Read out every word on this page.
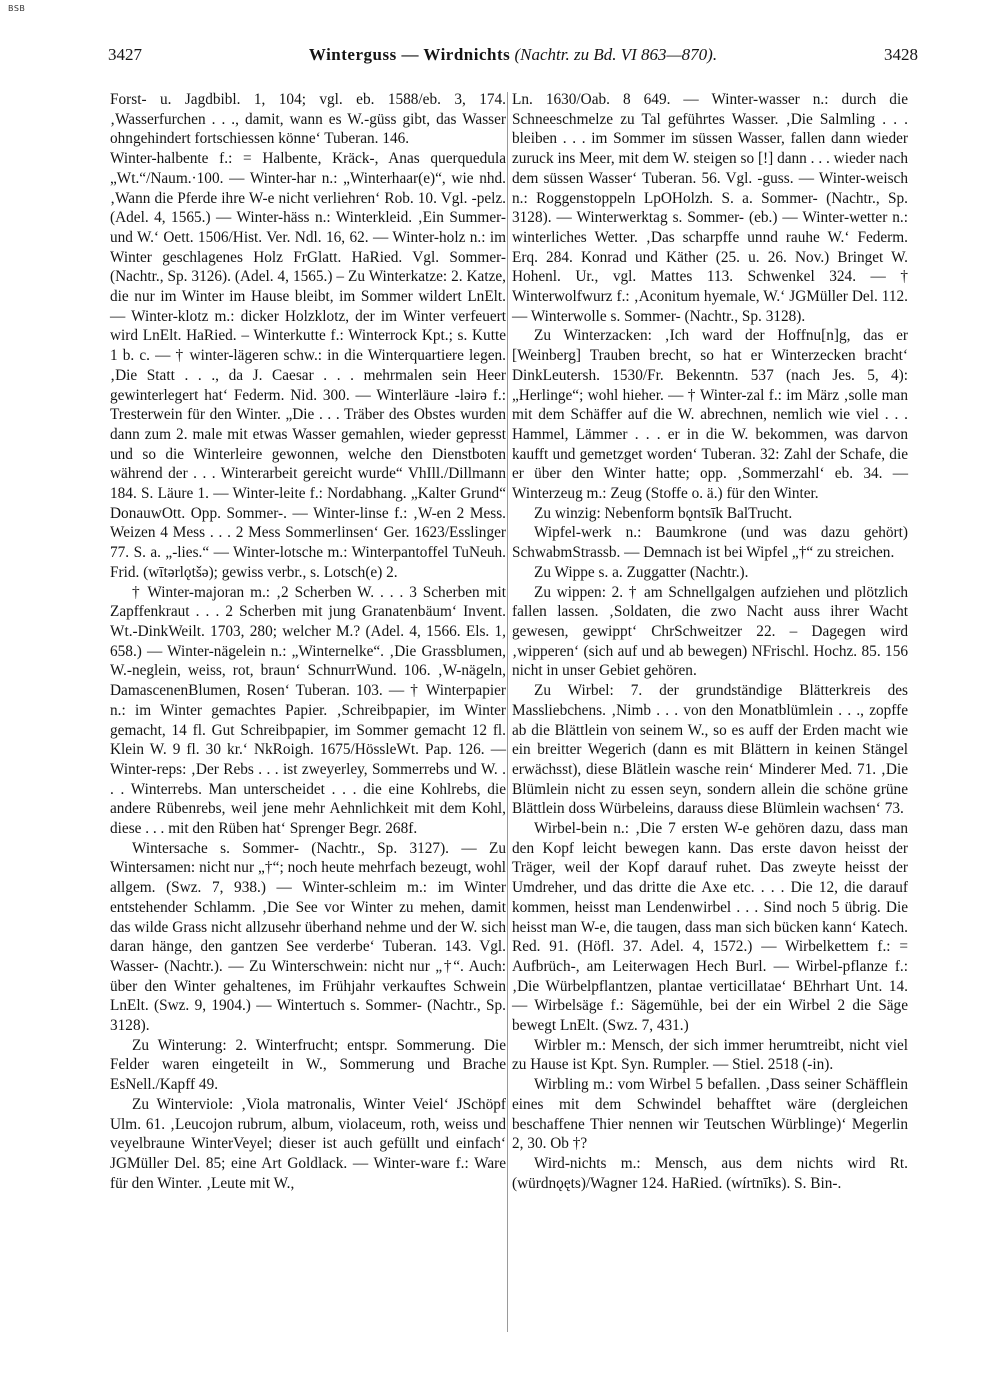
BSB
3427	Winterguss — Wirdnichts (Nachtr. zu Bd. VI 863—870).	3428

Forst- u. Jagdbibl. 1, 104; vgl. eb. 1588/eb. 3, 174. ‚Wasserfurchen . . ., damit, wann es W.-güss gibt, das Wasser ohngehindert fortschiessen könne‘ Tuberan. 146.

Winter-halbente f.: = Halbente, Kräck-, Anas querquedula „Wt.“/Naum.·100. — Winter-har n.: „Winterhaar(e)“, wie nhd. ‚Wann die Pferde ihre W-e nicht verliehren‘ Rob. 10. Vgl. -pelz. (Adel. 4, 1565.) — Winter-häss n.: Winterkleid. ‚Ein Summer- und W.‘ Oett. 1506/Hist. Ver. Ndl. 16, 62. — Winter-holz n.: im Winter geschlagenes Holz FrGlatt. HaRied. Vgl. Sommer-(Nachtr., Sp. 3126). (Adel. 4, 1565.) – Zu Winterkatze: 2. Katze, die nur im Winter im Hause bleibt, im Sommer wildert LnElt. — Winter-klotz m.: dicker Holzklotz, der im Winter verfeuert wird LnElt. HaRied. – Winterkutte f.: Winterrock Kpt.; s. Kutte 1 b. c. — † winter-lägeren schw.: in die Winterquartiere legen. ‚Die Statt . . ., da J. Caesar . . . mehrmalen sein Heer gewinterlegert hat‘ Federm. Nid. 300. — Winterläure -lǝirǝ f.: Tresterwein für den Winter. „Die . . . Träber des Obstes wurden dann zum 2. male mit etwas Wasser gemahlen, wieder gepresst und so die Winterleire gewonnen, welche den Dienstboten während der . . . Winterarbeit gereicht wurde“ VhIll./Dillmann 184. S. Läure 1. — Winter-leite f.: Nordabhang. „Kalter Grund“ DonauwOtt. Opp. Sommer-. — Winter-linse f.: ‚W-en 2 Mess. Weizen 4 Mess . . . 2 Mess Sommerlinsen‘ Ger. 1623/Esslinger 77. S. a. „-lies.“ — Winter-lotsche m.: Winterpantoffel TuNeuh. Frid. (wītǝrlǫtšǝ); gewiss verbr., s. Lotsch(e) 2.

† Winter-majoran m.: ‚2 Scherben W. . . . 3 Scherben mit Zapffenkraut . . . 2 Scherben mit jung Granatenbäum‘ Invent. Wt.-DinkWeilt. 1703, 280; welcher M.? (Adel. 4, 1566. Els. 1, 658.) — Winter-nägelein n.: „Winternelke“. ‚Die Grassblumen, W.-neglein, weiss, rot, braun‘ SchnurrWund. 106. ‚W-nägeln, DamascenenBlumen, Rosen‘ Tuberan. 103. — † Winterpapier n.: im Winter gemachtes Papier. ‚Schreibpapier, im Winter gemacht, 14 fl. Gut Schreibpapier, im Sommer gemacht 12 fl. Klein W. 9 fl. 30 kr.‘ NkRoigh. 1675/HössleWt. Pap. 126. — Winter-reps: ‚Der Rebs . . . ist zweyerley, Sommerrebs und W. . . . Winterrebs. Man unterscheidet . . . die eine Kohlrebs, die andere Rübenrebs, weil jene mehr Aehnlichkeit mit dem Kohl, diese . . . mit den Rüben hat‘ Sprenger Begr. 268f.

Wintersache s. Sommer- (Nachtr., Sp. 3127). — Zu Wintersamen: nicht nur „†“; noch heute mehrfach bezeugt, wohl allgem. (Swz. 7, 938.) — Winter-schleim m.: im Winter entstehender Schlamm. ‚Die See vor Winter zu mehen, damit das wilde Grass nicht allzusehr überhand nehme und der W. sich daran hänge, den gantzen See verderbe‘ Tuberan. 143. Vgl. Wasser- (Nachtr.). — Zu Winterschwein: nicht nur „†“. Auch: über den Winter gehaltenes, im Frühjahr verkauftes Schwein LnElt. (Swz. 9, 1904.) — Wintertuch s. Sommer- (Nachtr., Sp. 3128).

Zu Winterung: 2. Winterfrucht; entspr. Sommerung. Die Felder waren eingeteilt in W., Sommerung und Brache EsNell./Kapff 49.

Zu Winterviole: ‚Viola matronalis, Winter Veiel‘ JSchöpf Ulm. 61. ‚Leucojon rubrum, album, violaceum, roth, weiss und veyelbraune WinterVeyel; dieser ist auch gefüllt und einfach‘ JGMüller Del. 85; eine Art Goldlack. — Winter-ware f.: Ware für den Winter. ‚Leute mit W.,

Ln. 1630/Oab. 8 649. — Winter-wasser n.: durch die Schneeschmelze zu Tal geführtes Wasser. ‚Die Salmling . . . bleiben . . . im Sommer im süssen Wasser, fallen dann wieder zuruck ins Meer, mit dem W. steigen so [!] dann . . . wieder nach dem süssen Wasser‘ Tuberan. 56. Vgl. -guss. — Winter-weisch n.: Roggenstoppeln LpOHolzh. S. a. Sommer- (Nachtr., Sp. 3128). — Winterwerktag s. Sommer- (eb.) — Winter-wetter n.: winterliches Wetter. ‚Das scharpffe unnd rauhe W.‘ Federm. Erq. 284. Konrad und Käther (25. u. 26. Nov.) Bringet W. Hohenl. Ur., vgl. Mattes 113. Schwenkel 324. — † Winterwolfwurz f.: ‚Aconitum hyemale, W.‘ JGMüller Del. 112. — Winterwolle s. Sommer- (Nachtr., Sp. 3128).

Zu Winterzacken: ‚Ich ward der Hoffnu[n]g, das er [Weinberg] Trauben brecht, so hat er Winterzecken bracht‘ DinkLeutersh. 1530/Fr. Bekenntn. 537 (nach Jes. 5, 4): „Herlinge“; wohl hieher. — † Winter-zal f.: im März ‚solle man mit dem Schäffer auf die W. abrechnen, nemlich wie viel . . . Hammel, Lämmer . . . er in die W. bekommen, was darvon kaufft und gemetzget worden‘ Tuberan. 32: Zahl der Schafe, die er über den Winter hatte; opp. ‚Sommerzahl‘ eb. 34. — Winterzeug m.: Zeug (Stoffe o. ä.) für den Winter.

Zu winzig: Nebenform bǫntsīk BalTrucht.

Wipfel-werk n.: Baumkrone (und was dazu gehört) SchwabmStrassb. — Demnach ist bei Wipfel „†“ zu streichen.

Zu Wippe s. a. Zuggatter (Nachtr.).

Zu wippen: 2. † am Schnellgalgen aufziehen und plötzlich fallen lassen. ‚Soldaten, die zwo Nacht auss ihrer Wacht gewesen, gewippt‘ ChrSchweitzer 22. – Dagegen wird ‚wipperen‘ (sich auf und ab bewegen) NFrischl. Hochz. 85. 156 nicht in unser Gebiet gehören.

Zu Wirbel: 7. der grundständige Blätterkreis des Massliebchens. ‚Nimb . . . von den Monatblümlein . . ., zopffe ab die Blättlein von seinem W., so es auff der Erden macht wie ein breitter Wegerich (dann es mit Blättern in keinen Stängel erwächsst), diese Blätlein wasche rein‘ Minderer Med. 71. ‚Die Blümlein nicht zu essen seyn, sondern allein die schöne grüne Blättlein doss Würbeleins, darauss diese Blümlein wachsen‘ 73.

Wirbel-bein n.: ‚Die 7 ersten W-e gehören dazu, dass man den Kopf leicht bewegen kann. Das erste davon heisst der Träger, weil der Kopf darauf ruhet. Das zweyte heisst der Umdreher, und das dritte die Axe etc. . . . Die 12, die darauf kommen, heisst man Lendenwirbel . . . Sind noch 5 übrig. Die heisst man W-e, die taugen, dass man sich bücken kann‘ Katech. Red. 91. (Höfl. 37. Adel. 4, 1572.) — Wirbelkettem f.: = Aufbrüch-, am Leiterwagen Hech Burl. — Wirbel-pflanze f.: ‚Die Würbelpflantzen, plantae verticillatae‘ BEhrhart Unt. 14. — Wirbelsäge f.: Sägemühle, bei der ein Wirbel 2 die Säge bewegt LnElt. (Swz. 7, 431.)

Wirbler m.: Mensch, der sich immer herumtreibt, nicht viel zu Hause ist Kpt. Syn. Rumpler. — Stiel. 2518 (-in).

Wirbling m.: vom Wirbel 5 befallen. ‚Dass seiner Schäfflein eines mit dem Schwindel behafftet wäre (dergleichen beschaffene Thier nennen wir Teutschen Würblinge)‘ Megerlin 2, 30. Ob †?

Wird-nichts m.: Mensch, aus dem nichts wird Rt. (würdnǫęts)/Wagner 124. HaRied. (wírtnīks). S. Bin-.
